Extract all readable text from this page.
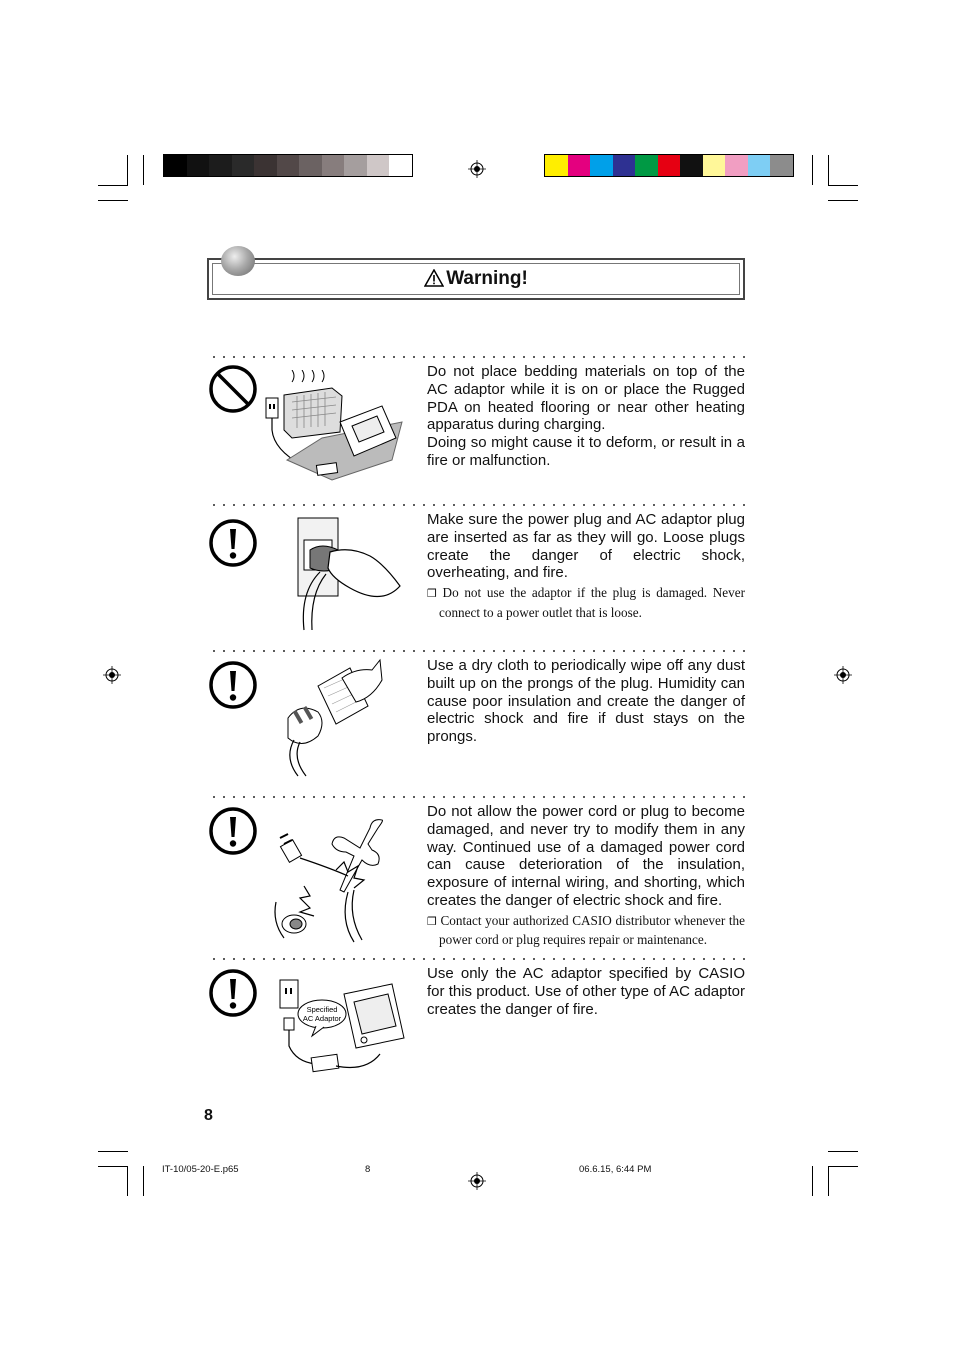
Warning!

Do not place bedding materials on top of the AC adaptor while it is on or place the Rugged PDA on heated flooring or near other heating apparatus during charging.

Doing so might cause it to deform, or result in a fire or malfunction.

Make sure the power plug and AC adaptor plug are inserted as far as they will go. Loose plugs create the danger of electric shock, overheating, and fire.

❒ Do not use the adaptor if the plug is damaged. Never connect to a power outlet that is loose.

Use a dry cloth to periodically wipe off any dust built up on the prongs of the plug. Humidity can cause poor insulation and create the danger of electric shock and fire if dust stays on the prongs.

Do not allow the power cord or plug to become damaged, and never try to modify them in any way. Continued use of a damaged power cord can cause deterioration of the insulation, exposure of internal wiring, and shorting, which creates the danger of electric shock and fire.

❒ Contact your authorized CASIO distributor whenever the power cord or plug requires repair or maintenance.
Specified
AC Adaptor

Use only the AC adaptor specified by CASIO for this product. Use of other type of AC adaptor creates the danger of fire.

8
IT-10/05-20-E.p65	8	06.6.15, 6:44 PM
